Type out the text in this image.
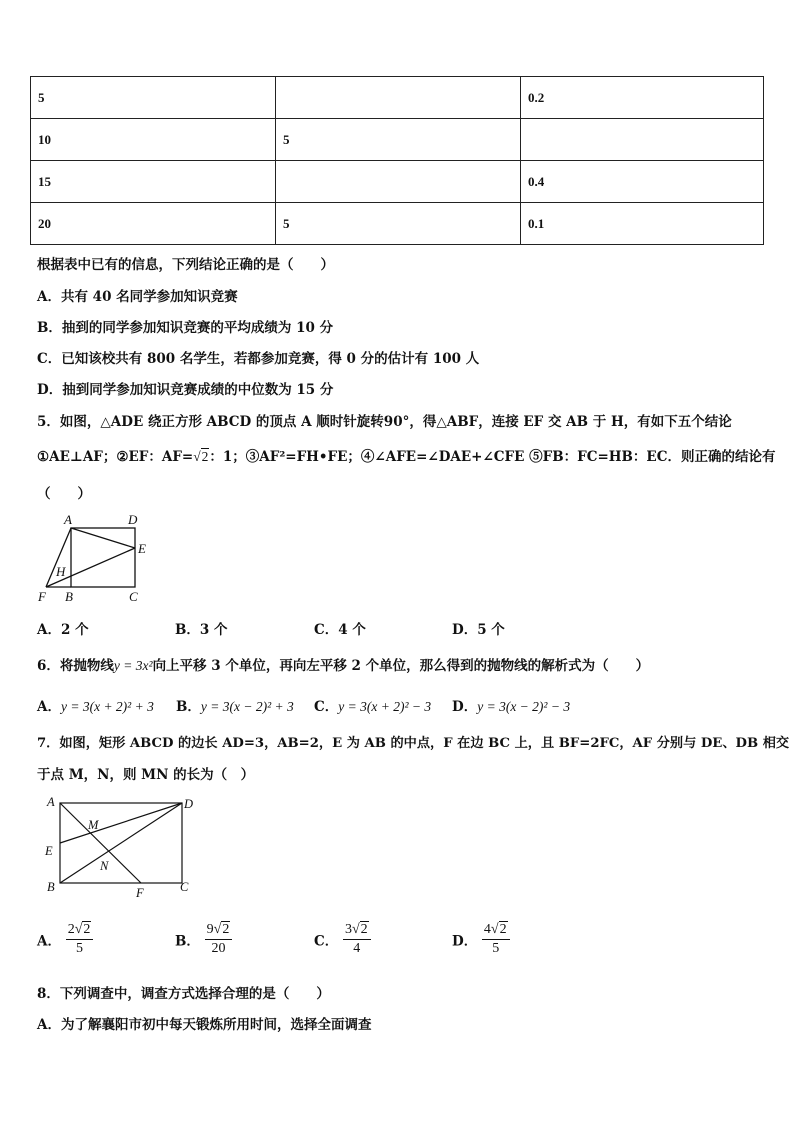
5		0.2
10	5	
15		0.4
20	5	0.1
根据表中已有的信息，下列结论正确的是（　　）
A．共有 40 名同学参加知识竞赛
B．抽到的同学参加知识竞赛的平均成绩为 10 分
C．已知该校共有 800 名学生，若都参加竞赛，得 0 分的估计有 100 人
D．抽到同学参加知识竞赛成绩的中位数为 15 分
5．如图，△ADE 绕正方形 ABCD 的顶点 A 顺时针旋转90°，得△ABF，连接 EF 交 AB 于 H，有如下五个结论
①AE⊥AF；②EF：AF=√2：1；③AF²=FH•FE；④∠AFE=∠DAE+∠CFE ⑤FB：FC=HB：EC．则正确的结论有
（　　）
A	D
E
H
F B	C
A．2 个	B．3 个	C．4 个	D．5 个
6．将抛物线y = 3x²向上平移 3 个单位，再向左平移 2 个单位，那么得到的抛物线的解析式为（　　）
A．y = 3(x + 2)² + 3 B．y = 3(x − 2)² + 3 C．y = 3(x + 2)² − 3 D．y = 3(x − 2)² − 3
7．如图，矩形 ABCD 的边长 AD=3，AB=2，E 为 AB 的中点，F 在边 BC 上，且 BF=2FC，AF 分别与 DE、DB 相交
于点 M，N，则 MN 的长为（　）
A	D
M
E
N
B	F	C
A． $\frac{2√2}{5}$	B． $\frac{9√2}{20}$	C． $\frac{3√2}{4}$	D． $\frac{4√2}{5}$
8．下列调查中，调查方式选择合理的是（　　）
A．为了解襄阳市初中每天锻炼所用时间，选择全面调查
